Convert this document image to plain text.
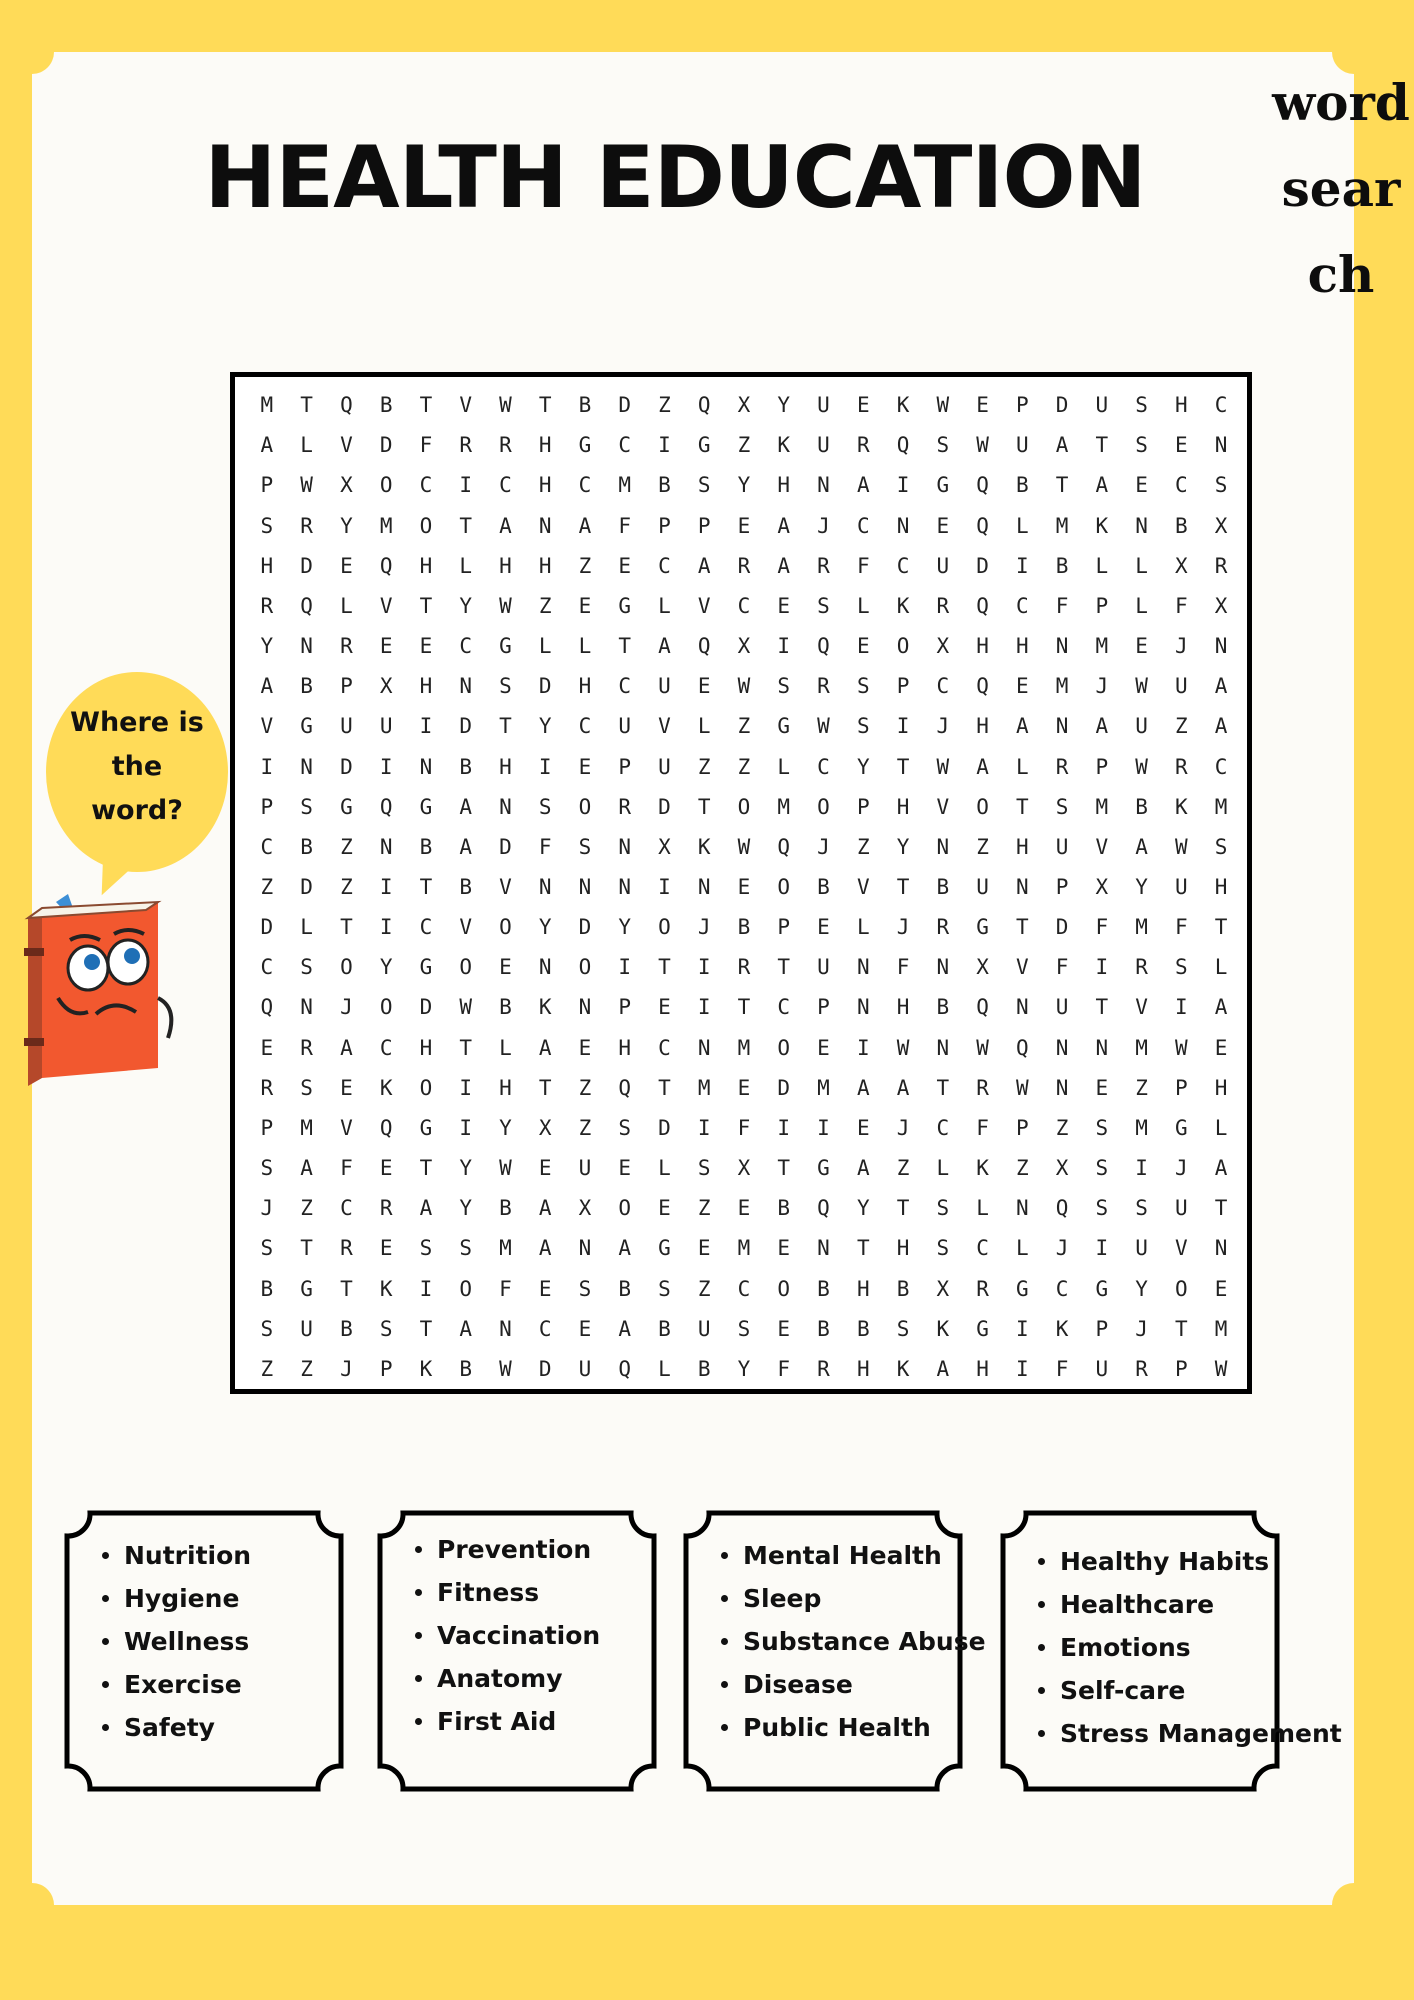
HEALTH EDUCATION

word search

M	T	Q	B	T	V	W	T	B	D	Z	Q	X	Y	U	E	K	W	E	P	D	U	S	H	C
A	L	V	D	F	R	R	H	G	C	I	G	Z	K	U	R	Q	S	W	U	A	T	S	E	N
P	W	X	O	C	I	C	H	C	M	B	S	Y	H	N	A	I	G	Q	B	T	A	E	C	S
S	R	Y	M	O	T	A	N	A	F	P	P	E	A	J	C	N	E	Q	L	M	K	N	B	X
H	D	E	Q	H	L	H	H	Z	E	C	A	R	A	R	F	C	U	D	I	B	L	L	X	R
R	Q	L	V	T	Y	W	Z	E	G	L	V	C	E	S	L	K	R	Q	C	F	P	L	F	X
Y	N	R	E	E	C	G	L	L	T	A	Q	X	I	Q	E	O	X	H	H	N	M	E	J	N
A	B	P	X	H	N	S	D	H	C	U	E	W	S	R	S	P	C	Q	E	M	J	W	U	A
V	G	U	U	I	D	T	Y	C	U	V	L	Z	G	W	S	I	J	H	A	N	A	U	Z	A
I	N	D	I	N	B	H	I	E	P	U	Z	Z	L	C	Y	T	W	A	L	R	P	W	R	C
P	S	G	Q	G	A	N	S	O	R	D	T	O	M	O	P	H	V	O	T	S	M	B	K	M
C	B	Z	N	B	A	D	F	S	N	X	K	W	Q	J	Z	Y	N	Z	H	U	V	A	W	S
Z	D	Z	I	T	B	V	N	N	N	I	N	E	O	B	V	T	B	U	N	P	X	Y	U	H
D	L	T	I	C	V	O	Y	D	Y	O	J	B	P	E	L	J	R	G	T	D	F	M	F	T
C	S	O	Y	G	O	E	N	O	I	T	I	R	T	U	N	F	N	X	V	F	I	R	S	L
Q	N	J	O	D	W	B	K	N	P	E	I	T	C	P	N	H	B	Q	N	U	T	V	I	A
E	R	A	C	H	T	L	A	E	H	C	N	M	O	E	I	W	N	W	Q	N	N	M	W	E
R	S	E	K	O	I	H	T	Z	Q	T	M	E	D	M	A	A	T	R	W	N	E	Z	P	H
P	M	V	Q	G	I	Y	X	Z	S	D	I	F	I	I	E	J	C	F	P	Z	S	M	G	L
S	A	F	E	T	Y	W	E	U	E	L	S	X	T	G	A	Z	L	K	Z	X	S	I	J	A
J	Z	C	R	A	Y	B	A	X	O	E	Z	E	B	Q	Y	T	S	L	N	Q	S	S	U	T
S	T	R	E	S	S	M	A	N	A	G	E	M	E	N	T	H	S	C	L	J	I	U	V	N
B	G	T	K	I	O	F	E	S	B	S	Z	C	O	B	H	B	X	R	G	C	G	Y	O	E
S	U	B	S	T	A	N	C	E	A	B	U	S	E	B	B	S	K	G	I	K	P	J	T	M
Z	Z	J	P	K	B	W	D	U	Q	L	B	Y	F	R	H	K	A	H	I	F	U	R	P	W
Where is the word?
Nutrition
Hygiene
Wellness
Exercise
Safety
Prevention
Fitness
Vaccination
Anatomy
First Aid
Mental Health
Sleep
Substance Abuse
Disease
Public Health
Healthy Habits
Healthcare
Emotions
Self-care
Stress Management
